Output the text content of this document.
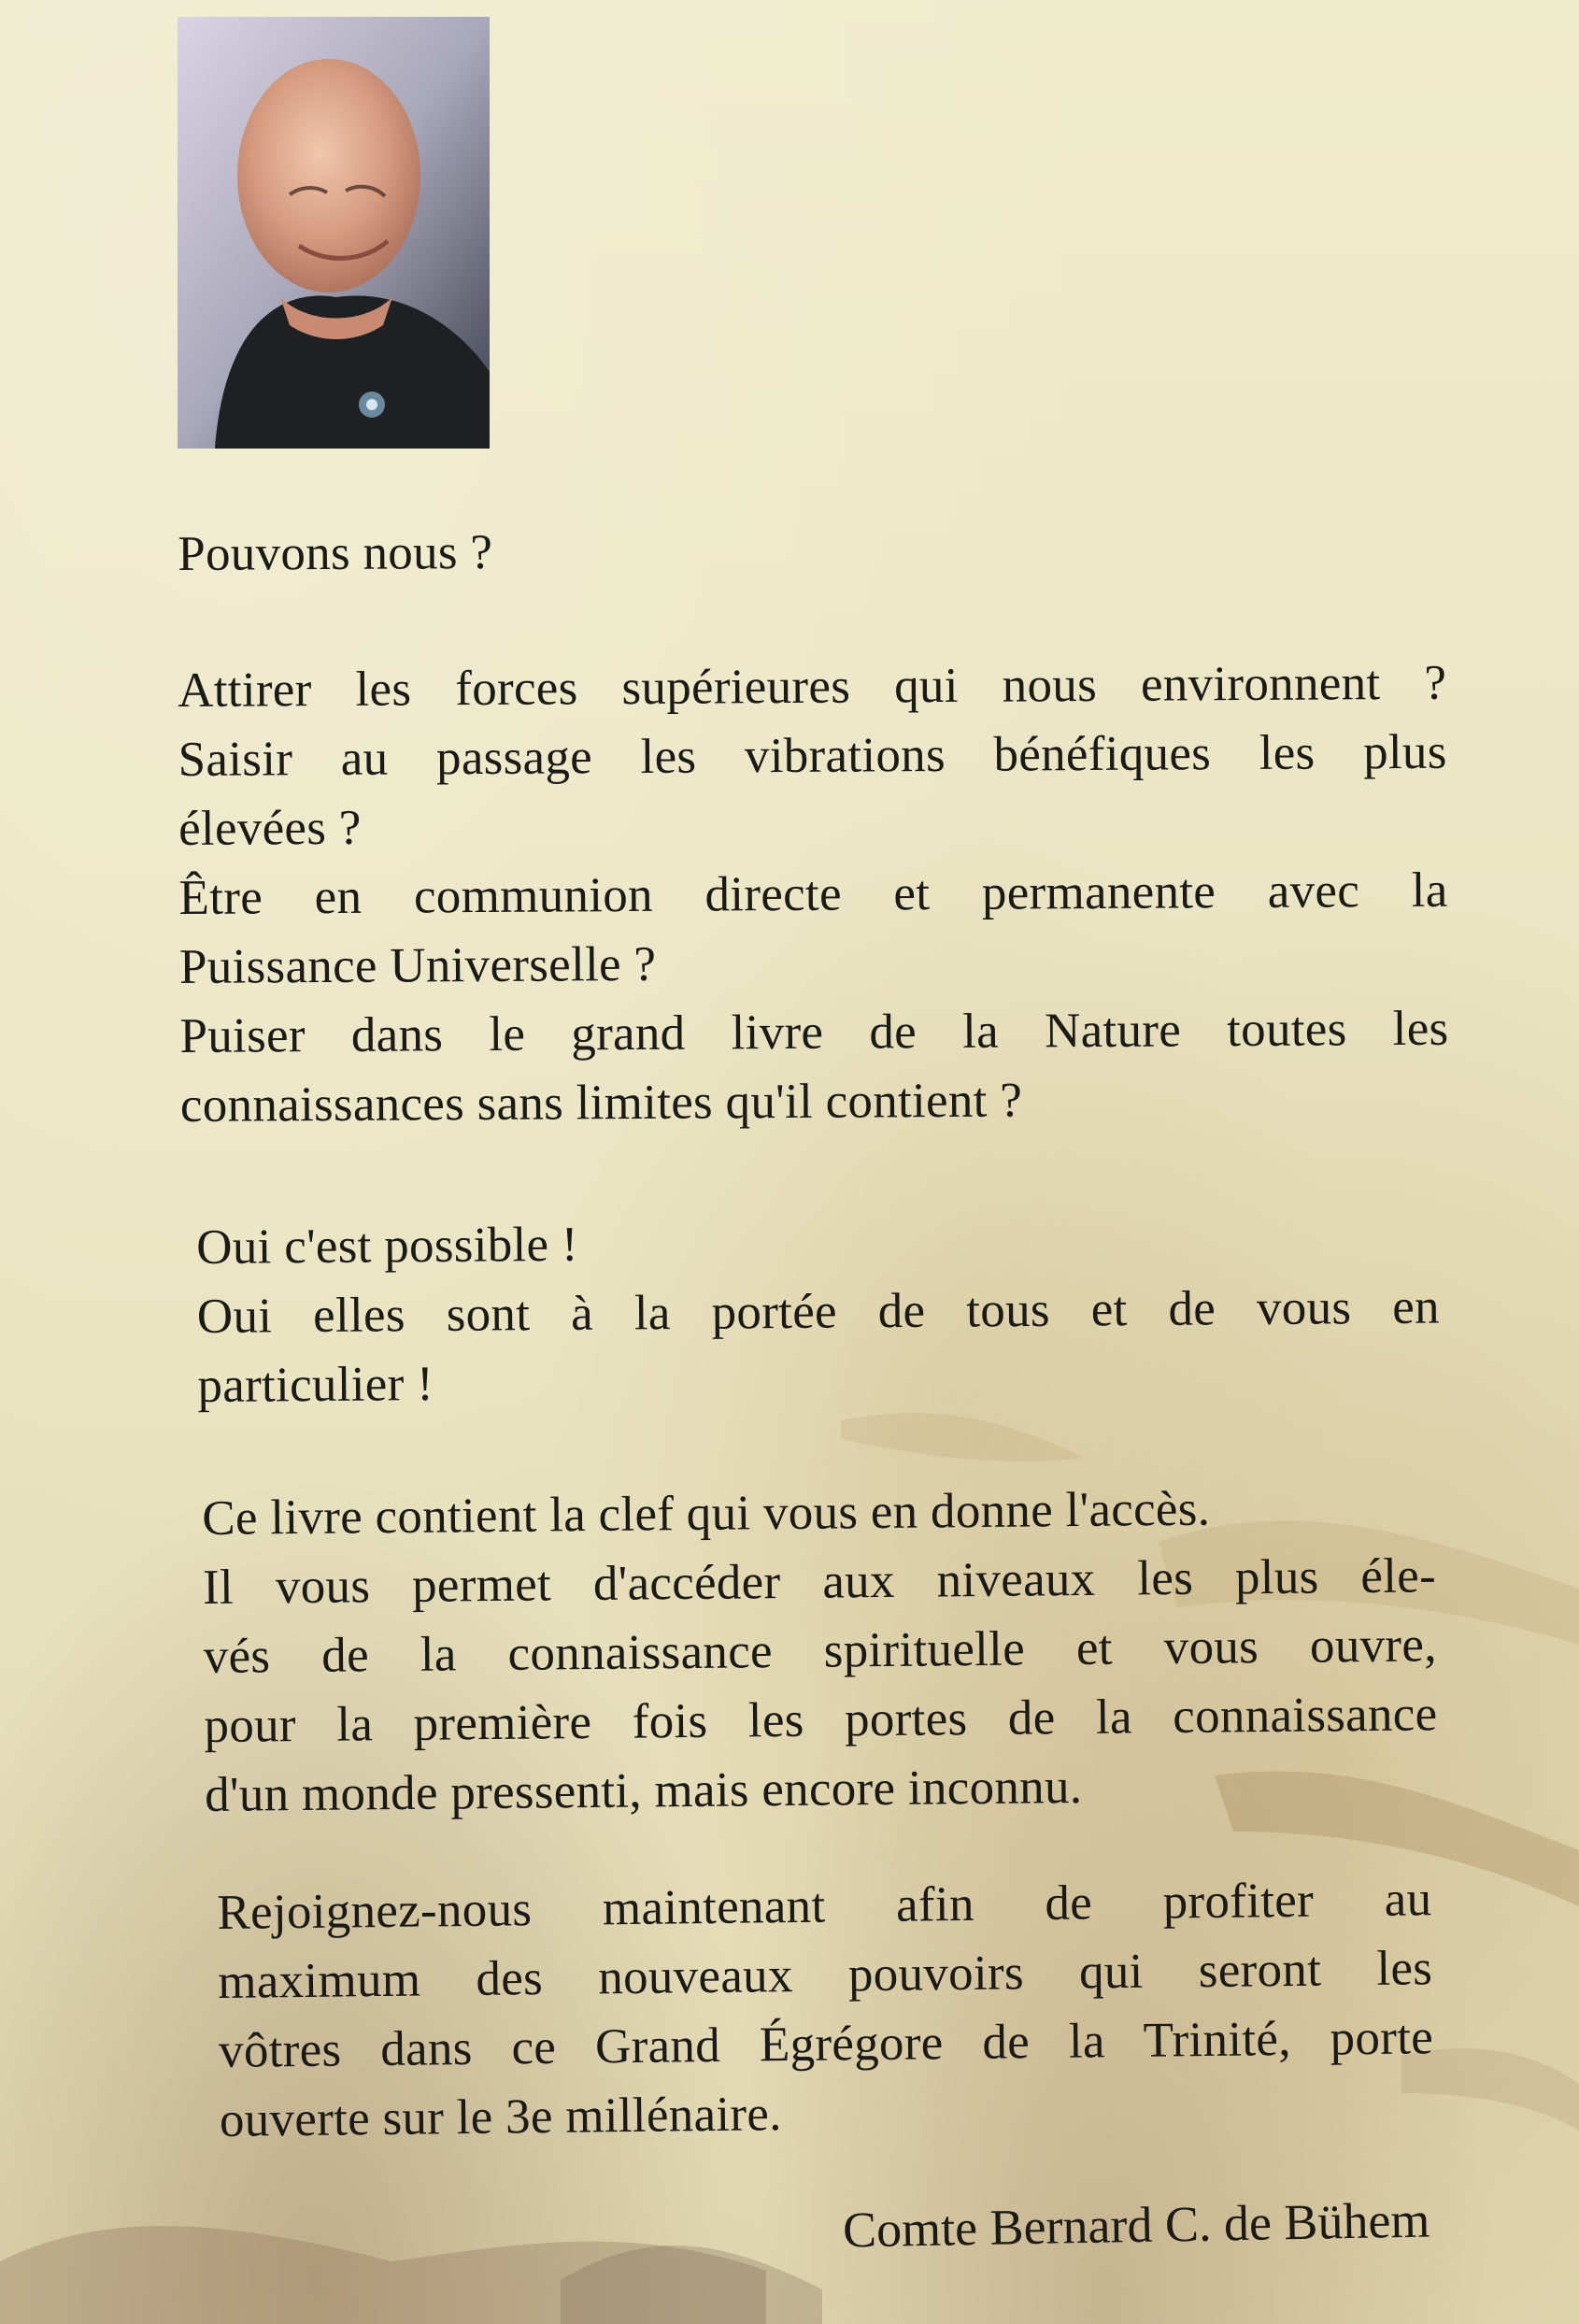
Pouvons nous ?
Attirer les forces supérieures qui nous environnent ?
Saisir au passage les vibrations bénéfiques les plus
élevées ?
Être en communion directe et permanente avec la
Puissance Universelle ?
Puiser dans le grand livre de la Nature toutes les
connaissances sans limites qu'il contient ?
Oui c'est possible !
Oui elles sont à la portée de tous et de vous en
particulier !
Ce livre contient la clef qui vous en donne l'accès.
Il vous permet d'accéder aux niveaux les plus éle-
vés de la connaissance spirituelle et vous ouvre,
pour la première fois les portes de la connaissance
d'un monde pressenti, mais encore inconnu.
Rejoignez-nous maintenant afin de profiter au
maximum des nouveaux pouvoirs qui seront les
vôtres dans ce Grand Égrégore de la Trinité, porte
ouverte sur le 3e millénaire.
Comte Bernard C. de Bühem
